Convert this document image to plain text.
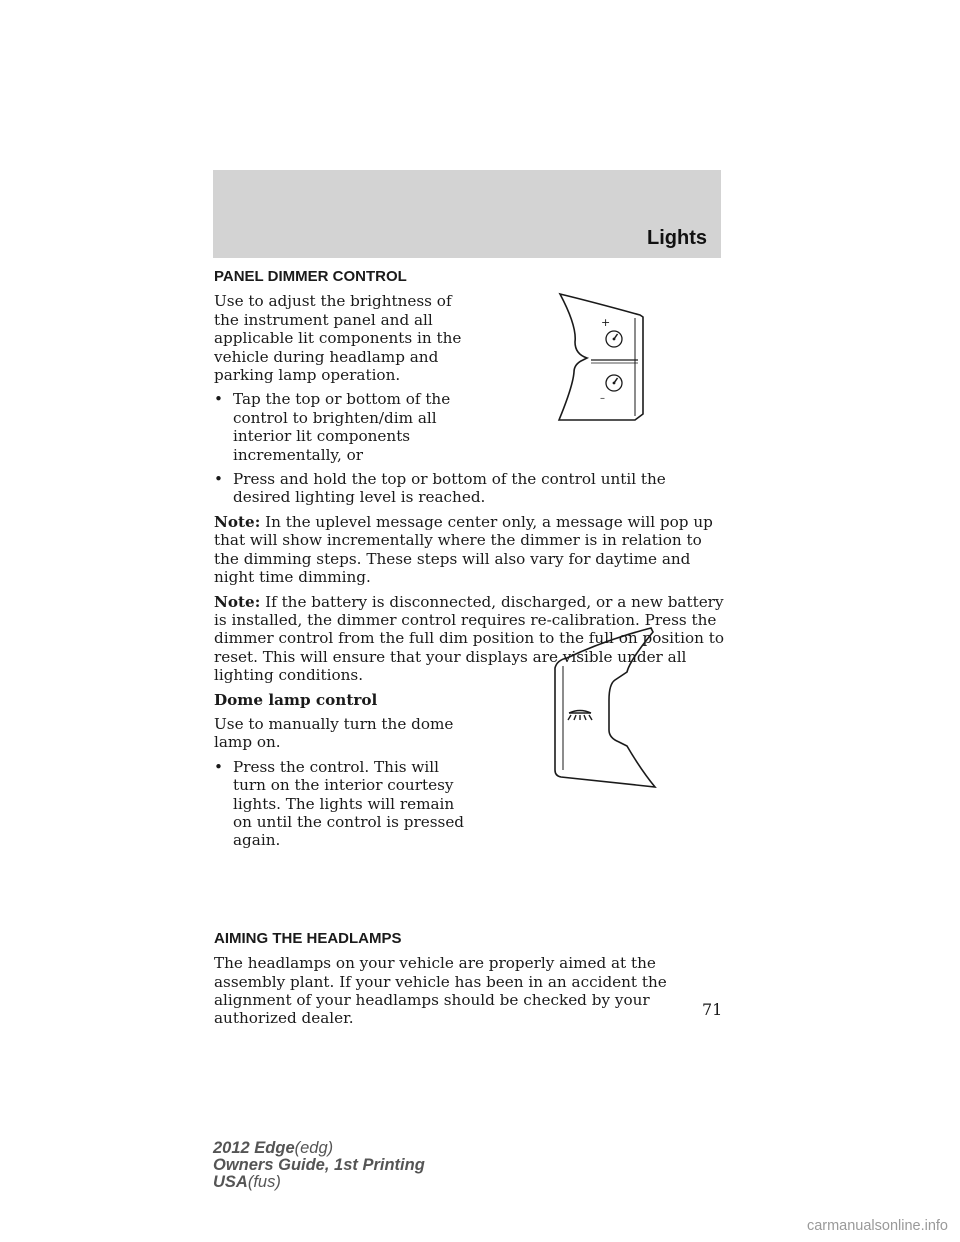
Lights
PANEL DIMMER CONTROL

Use to adjust the brightness of the instrument panel and all applicable lit components in the vehicle during headlamp and parking lamp operation.

• Tap the top or bottom of the control to brighten/dim all interior lit components incrementally, or
• Press and hold the top or bottom of the control until the desired lighting level is reached.

Note: In the uplevel message center only, a message will pop up that will show incrementally where the dimmer is in relation to the dimming steps. These steps will also vary for daytime and night time dimming.

Note: If the battery is disconnected, discharged, or a new battery is installed, the dimmer control requires re-calibration. Press the dimmer control from the full dim position to the full on position to reset. This will ensure that your displays are visible under all lighting conditions.

Dome lamp control

Use to manually turn the dome lamp on.

• Press the control. This will turn on the interior courtesy lights. The lights will remain on until the control is pressed again.
AIMING THE HEADLAMPS

The headlamps on your vehicle are properly aimed at the assembly plant. If your vehicle has been in an accident the alignment of your headlamps should be checked by your authorized dealer.

+
–
71
2012 Edge(edg)
Owners Guide, 1st Printing
USA(fus)
carmanualsonline.info
